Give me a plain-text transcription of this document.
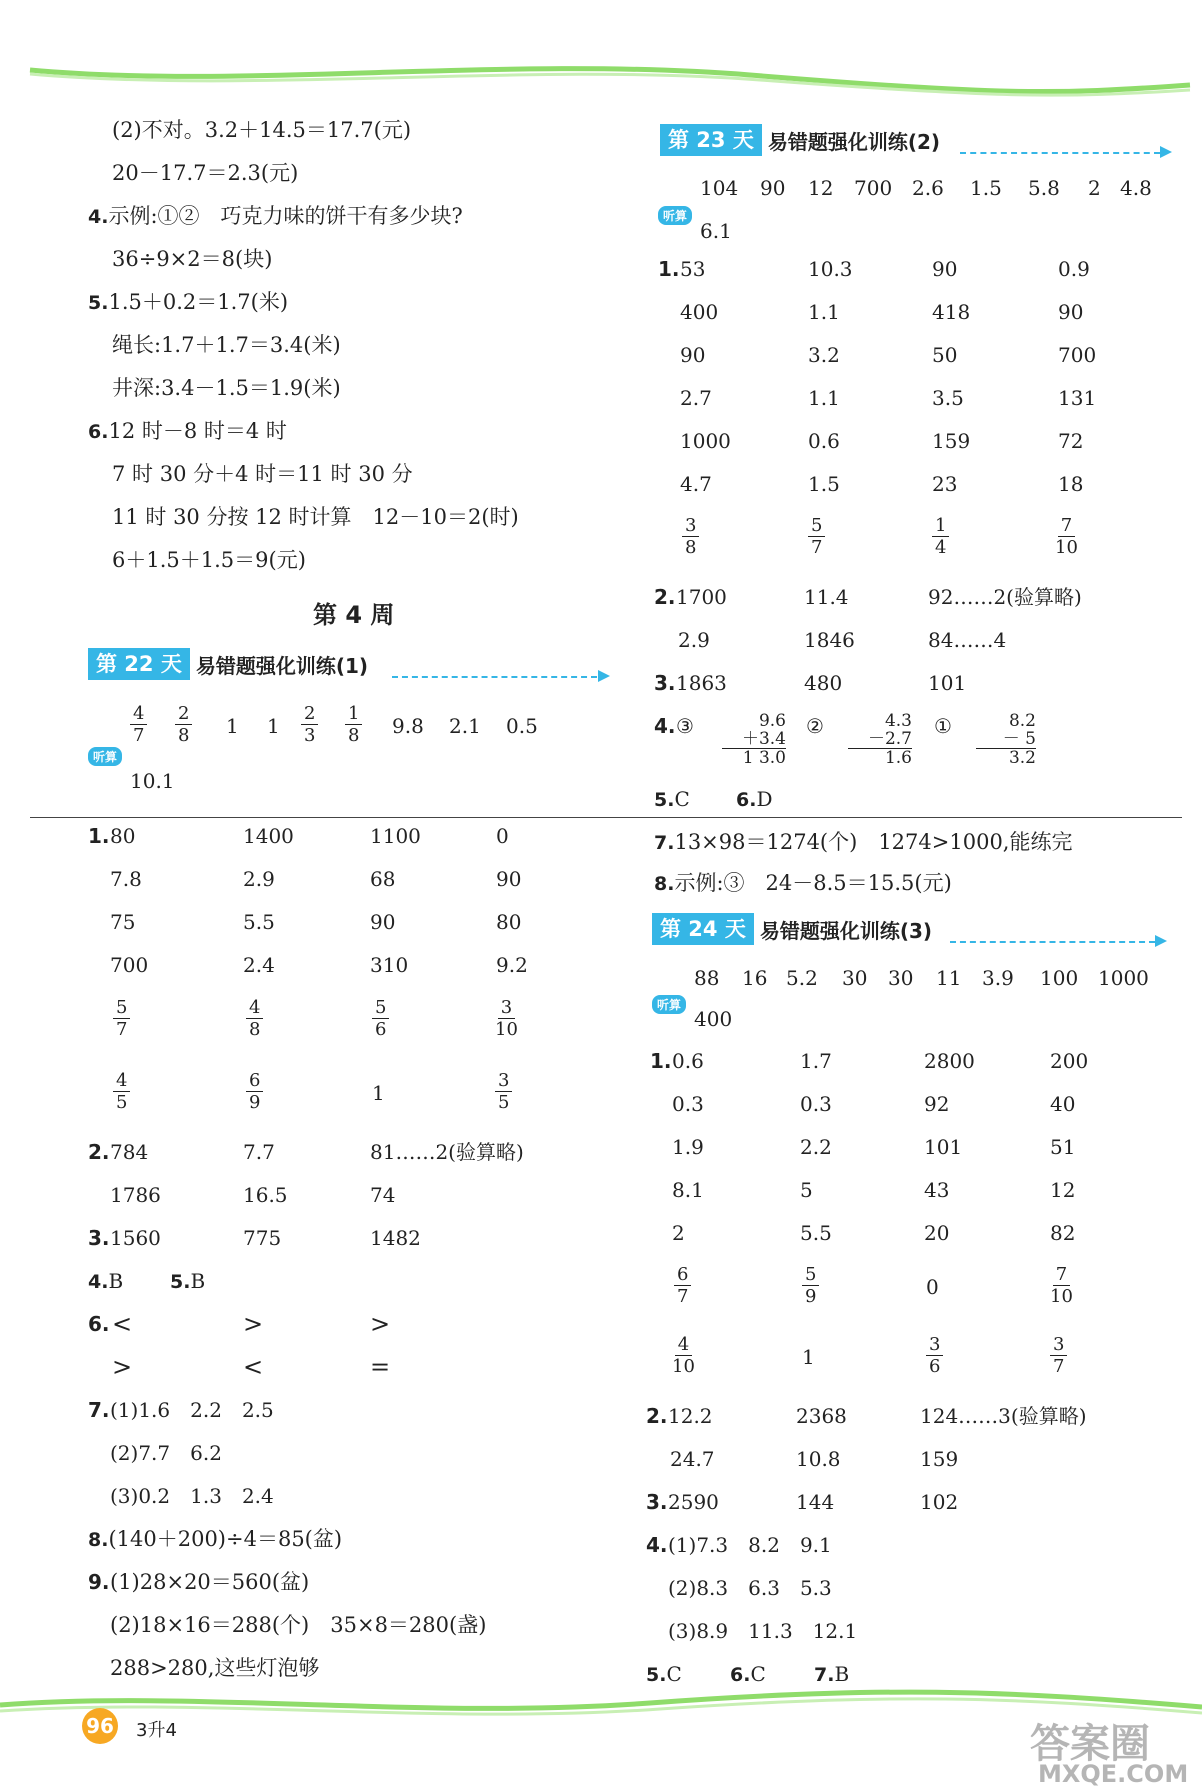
(2)不对。3.2＋14.5＝17.7(元)
20－17.7＝2.3(元)
4.示例:①②　巧克力味的饼干有多少块?
36÷9×2＝8(块)
5.1.5＋0.2＝1.7(米)
绳长:1.7＋1.7＝3.4(米)
井深:3.4－1.5＝1.9(米)
6.12 时－8 时＝4 时
7 时 30 分＋4 时＝11 时 30 分
11 时 30 分按 12 时计算　12－10＝2(时)
6＋1.5＋1.5＝9(元)
第 4 周
第 22 天 易错题强化训练(1)
听算
$\frac{4}{7} \frac{2}{8} 1$ $1 \frac{2}{3} \frac{1}{8} 9.8$ 2.1 0.5
10.1
1. 80	1400	1100	0
7.8	2.9	68	90
75	5.5	90	80
700	2.4	310	9.2
$\frac{5}{7}$	$\frac{4}{8}$	$\frac{5}{6}$	$\frac{3}{10}$
$\frac{4}{5}$	$\frac{6}{9}$	1	$\frac{3}{5}$
2. 784	7.7	81……2(验算略)
1786	16.5	74
3. 1560	775	1482
4.B 5.B
6. <	>	>
>	<	=
7. (1)1.6　2.2　2.5
(2)7.7　6.2
(3)0.2　1.3　2.4
8.(140＋200)÷4＝85(盆)
9. (1)28×20＝560(盆)
(2)18×16＝288(个)　35×8＝280(盏)
288>280,这些灯泡够
96 3升4
第 23 天 易错题强化训练(2)
听算
104 90 12 700 2.6 1.5 5.8 2 4.8
6.1
1. 53	10.3	90	0.9
400	1.1	418	90
90	3.2	50	700
2.7	1.1	3.5	131
1000	0.6	159	72
4.7	1.5	23	18
$\frac{3}{8}$	$\frac{5}{7}$	$\frac{1}{4}$	$\frac{7}{10}$
2. 1700	11.4	92……2(验算略)
2.9	1846	84……4
3. 1863	480	101
4. ③	9.6
＋3.4
1 3.0
②	4.3
－2.7
1.6
①	8.2
－ 5
3.2
5.C 6.D
7.13×98＝1274(个)　1274>1000,能练完
8.示例:③　24－8.5＝15.5(元)
第 24 天 易错题强化训练(3)
听算
88 16 5.2 30 30 11 3.9 100 1000
400
1. 0.6	1.7	2800	200
0.3	0.3	92	40
1.9	2.2	101	51
8.1	5	43	12
2	5.5	20	82
$\frac{6}{7}$	$\frac{5}{9}$	0	$\frac{7}{10}$
$\frac{4}{10}$	1	$\frac{3}{6}$	$\frac{3}{7}$
2. 12.2	2368	124……3(验算略)
24.7	10.8	159
3. 2590	144	102
4. (1)7.3　8.2　9.1
(2)8.3　6.3　5.3
(3)8.9　11.3　12.1
5.C	6.C	7.B
答案圈
MXQE.COM
